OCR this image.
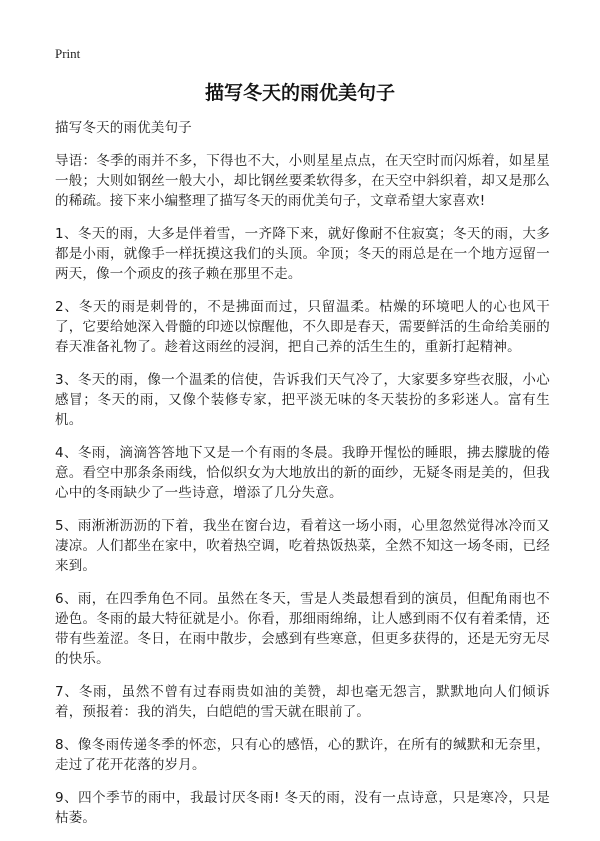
Print
描写冬天的雨优美句子

描写冬天的雨优美句子

导语：冬季的雨并不多，下得也不大，小则星星点点，在天空时而闪烁着，如星星一般；大则如钢丝一般大小，却比钢丝要柔软得多，在天空中斜织着，却又是那么的稀疏。接下来小编整理了描写冬天的雨优美句子，文章希望大家喜欢!

1、冬天的雨，大多是伴着雪，一齐降下来，就好像耐不住寂寞；冬天的雨，大多都是小雨，就像手一样抚摸这我们的头顶。伞顶；冬天的雨总是在一个地方逗留一两天，像一个顽皮的孩子赖在那里不走。

2、冬天的雨是刺骨的，不是拂面而过，只留温柔。枯燥的环境吧人的心也风干了，它要给她深入骨髓的印迹以惊醒他，不久即是春天，需要鲜活的生命给美丽的春天准备礼物了。趁着这雨丝的浸润，把自己养的活生生的，重新打起精神。

3、冬天的雨，像一个温柔的信使，告诉我们天气冷了，大家要多穿些衣服，小心感冒；冬天的雨，又像个装修专家，把平淡无味的冬天装扮的多彩迷人。富有生机。

4、冬雨，滴滴答答地下又是一个有雨的冬晨。我睁开惺忪的睡眼，拂去朦胧的倦意。看空中那条条雨线，恰似织女为大地放出的新的面纱，无疑冬雨是美的，但我心中的冬雨缺少了一些诗意，增添了几分失意。

5、雨淅淅沥沥的下着，我坐在窗台边，看着这一场小雨，心里忽然觉得冰冷而又凄凉。人们都坐在家中，吹着热空调，吃着热饭热菜，全然不知这一场冬雨，已经来到。

6、雨，在四季角色不同。虽然在冬天，雪是人类最想看到的演员，但配角雨也不逊色。冬雨的最大特征就是小。你看，那细雨绵绵，让人感到雨不仅有着柔情，还带有些羞涩。冬日，在雨中散步，会感到有些寒意，但更多获得的，还是无穷无尽的快乐。

7、冬雨，虽然不曾有过春雨贵如油的美赞，却也毫无怨言，默默地向人们倾诉着，预报着：我的消失，白皑皑的雪天就在眼前了。

8、像冬雨传递冬季的怀恋，只有心的感悟，心的默许，在所有的缄默和无奈里，走过了花开花落的岁月。

9、四个季节的雨中，我最讨厌冬雨! 冬天的雨，没有一点诗意，只是寒冷，只是枯萎。
